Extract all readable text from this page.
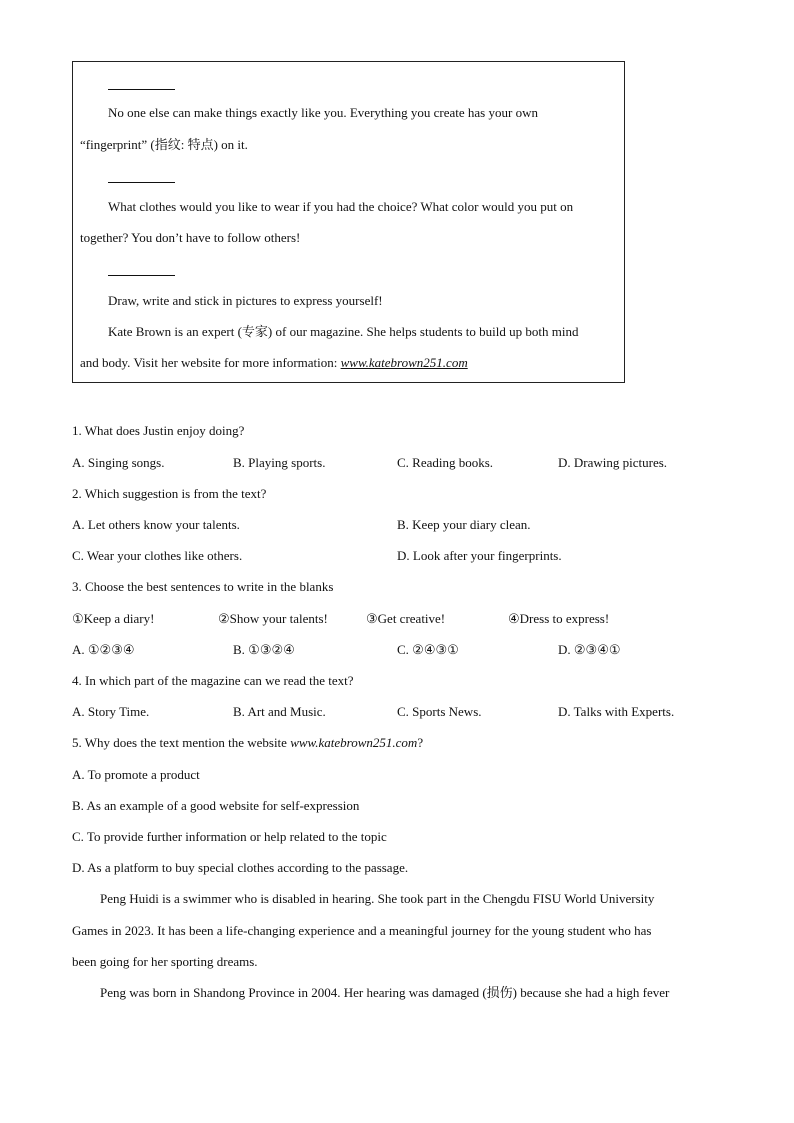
No one else can make things exactly like you. Everything you create has your own
“fingerprint” (指纹: 特点) on it.
What clothes would you like to wear if you had the choice? What color would you put on
together? You don’t have to follow others!
Draw, write and stick in pictures to express yourself!
Kate Brown is an expert (专家) of our magazine. She helps students to build up both mind
and body. Visit her website for more information: www.katebrown251.com
1. What does Justin enjoy doing?
A. Singing songs.	B. Playing sports.	C. Reading books.	D. Drawing pictures.
2. Which suggestion is from the text?
A. Let others know your talents.	B. Keep your diary clean.
C. Wear your clothes like others.	D. Look after your fingerprints.
3. Choose the best sentences to write in the blanks
①Keep a diary!	②Show your talents!	③Get creative!	④Dress to express!
A. ①②③④	B. ①③②④	C. ②④③①	D. ②③④①
4. In which part of the magazine can we read the text?
A. Story Time.	B. Art and Music.	C. Sports News.	D. Talks with Experts.
5. Why does the text mention the website www.katebrown251.com?
A. To promote a product
B. As an example of a good website for self-expression
C. To provide further information or help related to the topic
D. As a platform to buy special clothes according to the passage.
Peng Huidi is a swimmer who is disabled in hearing. She took part in the Chengdu FISU World University
Games in 2023. It has been a life-changing experience and a meaningful journey for the young student who has
been going for her sporting dreams.
Peng was born in Shandong Province in 2004. Her hearing was damaged (损伤) because she had a high fever
